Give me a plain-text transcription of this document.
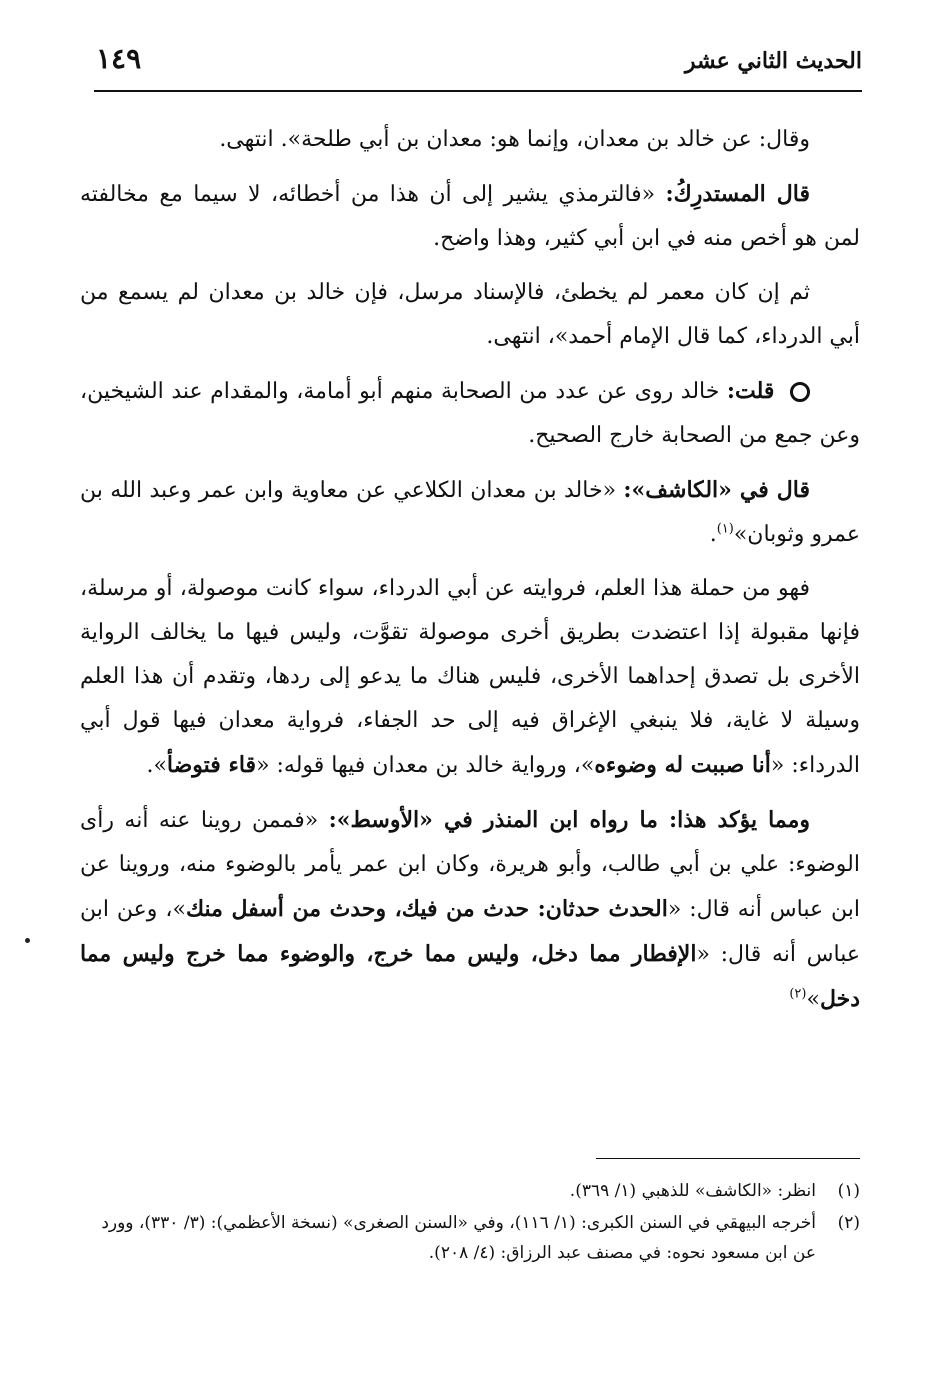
١٤٩	الحديث الثاني عشر

وقال: عن خالد بن معدان، وإنما هو: معدان بن أبي طلحة». انتهى.

قال المستدرِكُ: «فالترمذي يشير إلى أن هذا من أخطائه، لا سيما مع مخالفته لمن هو أخص منه في ابن أبي كثير، وهذا واضح.

ثم إن كان معمر لم يخطئ، فالإسناد مرسل، فإن خالد بن معدان لم يسمع من أبي الدرداء، كما قال الإمام أحمد»، انتهى.

قلت: خالد روى عن عدد من الصحابة منهم أبو أمامة، والمقدام عند الشيخين، وعن جمع من الصحابة خارج الصحيح.

قال في «الكاشف»: «خالد بن معدان الكلاعي عن معاوية وابن عمر وعبد الله بن عمرو وثوبان»$^{(١)}$.

فهو من حملة هذا العلم، فروايته عن أبي الدرداء، سواء كانت موصولة، أو مرسلة، فإنها مقبولة إذا اعتضدت بطريق أخرى موصولة تقوَّت، وليس فيها ما يخالف الرواية الأخرى بل تصدق إحداهما الأخرى، فليس هناك ما يدعو إلى ردها، وتقدم أن هذا العلم وسيلة لا غاية، فلا ينبغي الإغراق فيه إلى حد الجفاء، فرواية معدان فيها قول أبي الدرداء: «أنا صببت له وضوءه»، ورواية خالد بن معدان فيها قوله: «قاء فتوضأ».

ومما يؤكد هذا: ما رواه ابن المنذر في «الأوسط»: «فممن روينا عنه أنه رأى الوضوء: علي بن أبي طالب، وأبو هريرة، وكان ابن عمر يأمر بالوضوء منه، وروينا عن ابن عباس أنه قال: «الحدث حدثان: حدث من فيك، وحدث من أسفل منك»، وعن ابن عباس أنه قال: «الإفطار مما دخل، وليس مما خرج، والوضوء مما خرج وليس مما دخل»$^{(٢)}$

(١)
انظر: «الكاشف» للذهبي (١/ ٣٦٩).
(٢)
أخرجه البيهقي في السنن الكبرى: (١/ ١١٦)، وفي «السنن الصغرى» (نسخة الأعظمي): (٣/ ٣٣٠)، وورد عن ابن مسعود نحوه: في مصنف عبد الرزاق: (٤/ ٢٠٨).
